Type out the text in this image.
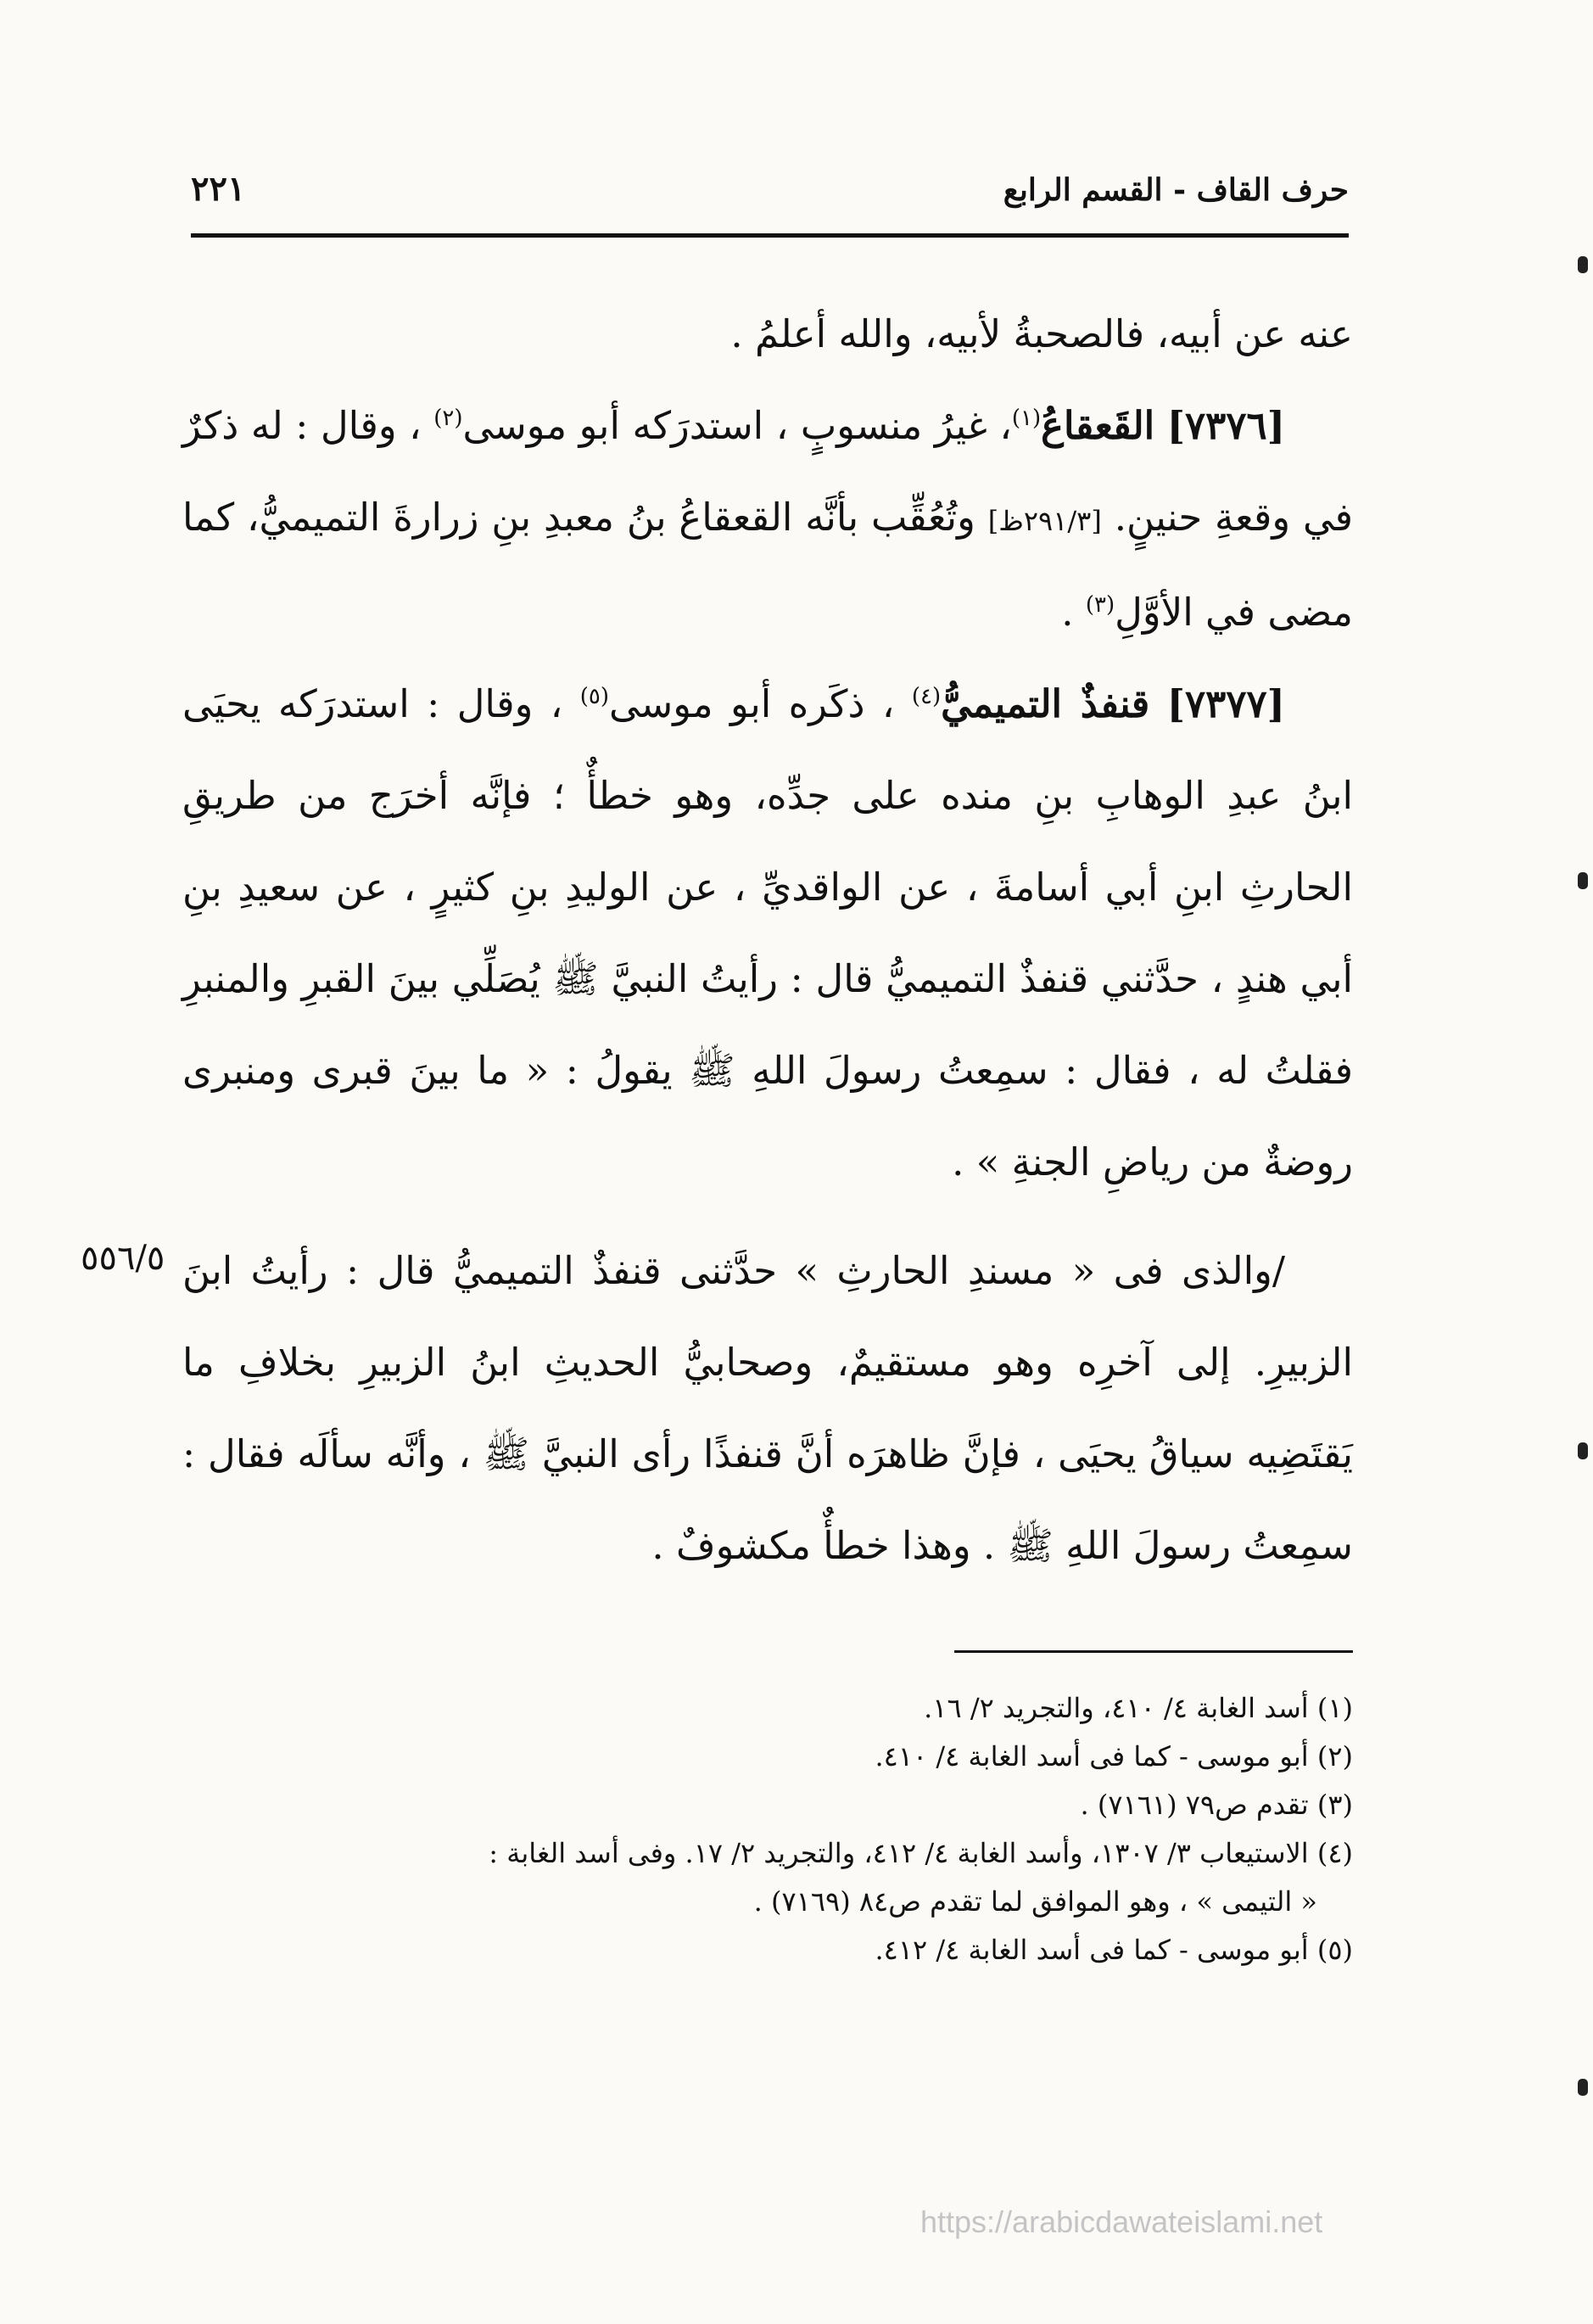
حرف القاف - القسم الرابع
٢٢١

عنه عن أبيه، فالصحبةُ لأبيه، والله أعلمُ .

[٧٣٧٦] القَعقاعُ$^{(١)}$، غيرُ منسوبٍ ، استدرَكه أبو موسى$^{(٢)}$ ، وقال : له ذكرٌ في وقعةِ حنينٍ. [٢٩١/٣ظ] وتُعُقِّب بأنَّه القعقاعُ بنُ معبدِ بنِ زرارةَ التميميُّ، كما مضى في الأوَّلِ$^{(٣)}$ .

[٧٣٧٧] قنفذٌ التميميُّ$^{(٤)}$ ، ذكَره أبو موسى$^{(٥)}$ ، وقال : استدرَكه يحيَى ابنُ عبدِ الوهابِ بنِ منده على جدِّه، وهو خطأٌ ؛ فإنَّه أخرَج من طريقِ الحارثِ ابنِ أبي أسامةَ ، عن الواقديِّ ، عن الوليدِ بنِ كثيرٍ ، عن سعيدِ بنِ أبي هندٍ ، حدَّثني قنفذٌ التميميُّ قال : رأيتُ النبيَّ ﷺ يُصَلِّي بينَ القبرِ والمنبرِ فقلتُ له ، فقال : سمِعتُ رسولَ اللهِ ﷺ يقولُ : « ما بينَ قبرى ومنبرى روضةٌ من رياضِ الجنةِ » .

/والذى فى « مسندِ الحارثِ » حدَّثنى قنفذٌ التميميُّ قال : رأيتُ ابنَ الزبيرِ. إلى آخرِه وهو مستقيمٌ، وصحابيُّ الحديثِ ابنُ الزبيرِ بخلافِ ما يَقتَضِيه سياقُ يحيَى ، فإنَّ ظاهرَه أنَّ قنفذًا رأى النبيَّ ﷺ ، وأنَّه سألَه فقال : سمِعتُ رسولَ اللهِ ﷺ . وهذا خطأٌ مكشوفٌ .

٥٥٦/٥

(١) أسد الغابة ٤/ ٤١٠، والتجريد ٢/ ١٦.

(٢) أبو موسى - كما فى أسد الغابة ٤/ ٤١٠.

(٣) تقدم ص٧٩ (٧١٦١) .

(٤) الاستيعاب ٣/ ١٣٠٧، وأسد الغابة ٤/ ٤١٢، والتجريد ٢/ ١٧. وفى أسد الغابة :

« التيمى » ، وهو الموافق لما تقدم ص٨٤ (٧١٦٩) .

(٥) أبو موسى - كما فى أسد الغابة ٤/ ٤١٢.

https://arabicdawateislami.net
